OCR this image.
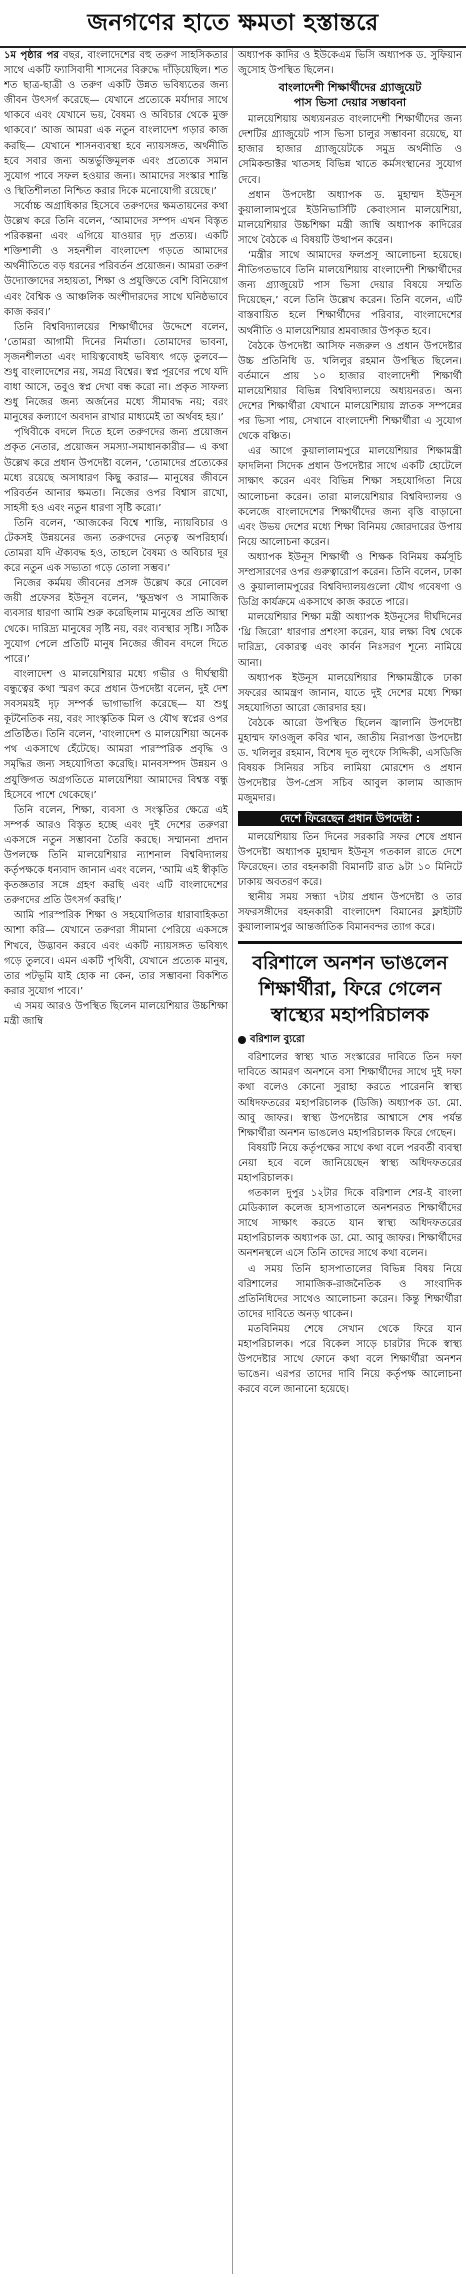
জনগণের হাতে ক্ষমতা হস্তান্তরে

১ম পৃষ্ঠার পর বছর, বাংলাদেশের বহু তরুণ সাহসিকতার সাথে একটি ফ্যাসিবাদী শাসনের বিরুদ্ধে দাঁড়িয়েছিল। শত শত ছাত্র-ছাত্রী ও তরুণ একটি উন্নত ভবিষ্যতের জন্য জীবন উৎসর্গ করেছে— যেখানে প্রত্যেকে মর্যাদার সাথে থাকবে এবং যেখানে ভয়, বৈষম্য ও অবিচার থেকে মুক্ত থাকবে।’ আজ আমরা এক নতুন বাংলাদেশ গড়ার কাজ করছি— যেখানে শাসনব্যবস্থা হবে ন্যায়সঙ্গত, অর্থনীতি হবে সবার জন্য অন্তর্ভুক্তিমূলক এবং প্রত্যেকে সমান সুযোগ পাবে সফল হওয়ার জন্য। আমাদের সংস্কার শান্তি ও স্থিতিশীলতা নিশ্চিত করার দিকে মনোযোগী রয়েছে।’

সর্বোচ্চ অগ্রাধিকার হিসেবে তরুণদের ক্ষমতায়নের কথা উল্লেখ করে তিনি বলেন, ‘আমাদের সম্পদ এখন বিস্তৃত পরিকল্পনা এবং এগিয়ে যাওয়ার দৃঢ় প্রত্যয়। একটি শক্তিশালী ও সহনশীল বাংলাদেশ গড়তে আমাদের অর্থনীতিতে বড় ধরনের পরিবর্তন প্রয়োজন। আমরা তরুণ উদ্যোক্তাদের সহায়তা, শিক্ষা ও প্রযুক্তিতে বেশি বিনিয়োগ এবং বৈশ্বিক ও আঞ্চলিক অংশীদারদের সাথে ঘনিষ্ঠভাবে কাজ করব।’

তিনি বিশ্ববিদ্যালয়ের শিক্ষার্থীদের উদ্দেশে বলেন, ‘তোমরা আগামী দিনের নির্মাতা। তোমাদের ভাবনা, সৃজনশীলতা এবং দায়িত্ববোধই ভবিষ্যৎ গড়ে তুলবে— শুধু বাংলাদেশের নয়, সমগ্র বিশ্বের। স্বপ্ন পূরণের পথে যদি বাধা আসে, তবুও স্বপ্ন দেখা বন্ধ করো না। প্রকৃত সাফল্য শুধু নিজের জন্য অর্জনের মধ্যে সীমাবদ্ধ নয়; বরং মানুষের কল্যাণে অবদান রাখার মাধ্যমেই তা অর্থবহ হয়।’

পৃথিবীকে বদলে দিতে হলে তরুণদের জন্য প্রয়োজন প্রকৃত নেতার, প্রয়োজন সমস্যা-সমাধানকারীর— এ কথা উল্লেখ করে প্রধান উপদেষ্টা বলেন, ‘তোমাদের প্রত্যেকের মধ্যে রয়েছে অসাধারণ কিছু করার— মানুষের জীবনে পরিবর্তন আনার ক্ষমতা। নিজের ওপর বিশ্বাস রাখো, সাহসী হও এবং নতুন ধারণা সৃষ্টি করো।’

তিনি বলেন, ‘আজকের বিশ্বে শান্তি, ন্যায়বিচার ও টেকসই উন্নয়নের জন্য তরুণদের নেতৃত্ব অপরিহার্য। তোমরা যদি ঐক্যবদ্ধ হও, তাহলে বৈষম্য ও অবিচার দূর করে নতুন এক সভ্যতা গড়ে তোলা সম্ভব।’

নিজের কর্মময় জীবনের প্রসঙ্গ উল্লেখ করে নোবেল জয়ী প্রফেসর ইউনূস বলেন, ‘ক্ষুদ্রঋণ ও সামাজিক ব্যবসার ধারণা আমি শুরু করেছিলাম মানুষের প্রতি আস্থা থেকে। দারিদ্র্য মানুষের সৃষ্টি নয়, বরং ব্যবস্থার সৃষ্টি। সঠিক সুযোগ পেলে প্রতিটি মানুষ নিজের জীবন বদলে দিতে পারে।’

বাংলাদেশ ও মালয়েশিয়ার মধ্যে গভীর ও দীর্ঘস্থায়ী বন্ধুত্বের কথা স্মরণ করে প্রধান উপদেষ্টা বলেন, দুই দেশ সবসময়ই দৃঢ় সম্পর্ক ভাগাভাগি করেছে— যা শুধু কূটনৈতিক নয়, বরং সাংস্কৃতিক মিল ও যৌথ স্বপ্নের ওপর প্রতিষ্ঠিত। তিনি বলেন, ‘বাংলাদেশ ও মালয়েশিয়া অনেক পথ একসাথে হেঁটেছে। আমরা পারস্পরিক প্রবৃদ্ধি ও সমৃদ্ধির জন্য সহযোগিতা করেছি। মানবসম্পদ উন্নয়ন ও প্রযুক্তিগত অগ্রগতিতে মালয়েশিয়া আমাদের বিশ্বস্ত বন্ধু হিসেবে পাশে থেকেছে।’

তিনি বলেন, শিক্ষা, ব্যবসা ও সংস্কৃতির ক্ষেত্রে এই সম্পর্ক আরও বিস্তৃত হচ্ছে এবং দুই দেশের তরুণরা একসঙ্গে নতুন সম্ভাবনা তৈরি করছে। সম্মাননা প্রদান উপলক্ষে তিনি মালয়েশিয়ার ন্যাশনাল বিশ্ববিদ্যালয় কর্তৃপক্ষকে ধন্যবাদ জানান এবং বলেন, ‘আমি এই স্বীকৃতি কৃতজ্ঞতার সঙ্গে গ্রহণ করছি এবং এটি বাংলাদেশের তরুণদের প্রতি উৎসর্গ করছি।’

আমি পারস্পরিক শিক্ষা ও সহযোগিতার ধারাবাহিকতা আশা করি— যেখানে তরুণরা সীমানা পেরিয়ে একসঙ্গে শিখবে, উদ্ভাবন করবে এবং একটি ন্যায়সঙ্গত ভবিষ্যৎ গড়ে তুলবে। এমন একটি পৃথিবী, যেখানে প্রত্যেক মানুষ, তার পটভূমি যাই হোক না কেন, তার সম্ভাবনা বিকশিত করার সুযোগ পাবে।’

এ সময় আরও উপস্থিত ছিলেন মালয়েশিয়ার উচ্চশিক্ষা মন্ত্রী জাম্বি

অধ্যাপক কাদির ও ইউকেএম ভিসি অধ্যাপক ড. সুফিয়ান জুসোহ উপস্থিত ছিলেন।

বাংলাদেশী শিক্ষার্থীদের গ্র্যাজুয়েট
পাস ভিসা দেয়ার সম্ভাবনা

মালয়েশিয়ায় অধ্যয়নরত বাংলাদেশী শিক্ষার্থীদের জন্য দেশটির গ্র্যাজুয়েট পাস ভিসা চালুর সম্ভাবনা রয়েছে, যা হাজার হাজার গ্র্যাজুয়েটকে সমুদ্র অর্থনীতি ও সেমিকন্ডাক্টর খাতসহ বিভিন্ন খাতে কর্মসংস্থানের সুযোগ দেবে।

প্রধান উপদেষ্টা অধ্যাপক ড. মুহাম্মদ ইউনূস কুয়ালালামপুরে ইউনিভার্সিটি কেবাংসান মালয়েশিয়া, মালয়েশিয়ার উচ্চশিক্ষা মন্ত্রী জাম্বি অধ্যাপক কাদিরের সাথে বৈঠকে এ বিষয়টি উত্থাপন করেন।

‘মন্ত্রীর সাথে আমাদের ফলপ্রসূ আলোচনা হয়েছে। নীতিগতভাবে তিনি মালয়েশিয়ায় বাংলাদেশী শিক্ষার্থীদের জন্য গ্র্যাজুয়েট পাস ভিসা দেয়ার বিষয়ে সম্মতি দিয়েছেন,’ বলে তিনি উল্লেখ করেন। তিনি বলেন, এটি বাস্তবায়িত হলে শিক্ষার্থীদের পরিবার, বাংলাদেশের অর্থনীতি ও মালয়েশিয়ার শ্রমবাজার উপকৃত হবে।

বৈঠকে উপদেষ্টা আসিফ নজরুল ও প্রধান উপদেষ্টার উচ্চ প্রতিনিধি ড. খলিলুর রহমান উপস্থিত ছিলেন। বর্তমানে প্রায় ১০ হাজার বাংলাদেশী শিক্ষার্থী মালয়েশিয়ার বিভিন্ন বিশ্ববিদ্যালয়ে অধ্যয়নরত। অন্য দেশের শিক্ষার্থীরা যেখানে মালয়েশিয়ায় স্নাতক সম্পন্নের পর ভিসা পায়, সেখানে বাংলাদেশী শিক্ষার্থীরা এ সুযোগ থেকে বঞ্চিত।

এর আগে কুয়ালালামপুরে মালয়েশিয়ার শিক্ষামন্ত্রী ফাদলিনা সিদেক প্রধান উপদেষ্টার সাথে একটি হোটেলে সাক্ষাৎ করেন এবং বিভিন্ন শিক্ষা সহযোগিতা নিয়ে আলোচনা করেন। তারা মালয়েশিয়ার বিশ্ববিদ্যালয় ও কলেজে বাংলাদেশের শিক্ষার্থীদের জন্য বৃত্তি বাড়ানো এবং উভয় দেশের মধ্যে শিক্ষা বিনিময় জোরদারের উপায় নিয়ে আলোচনা করেন।

অধ্যাপক ইউনূস শিক্ষার্থী ও শিক্ষক বিনিময় কর্মসূচি সম্প্রসারণের ওপর গুরুত্বারোপ করেন। তিনি বলেন, ঢাকা ও কুয়ালালামপুরের বিশ্ববিদ্যালয়গুলো যৌথ গবেষণা ও ডিগ্রি কার্যক্রমে একসাথে কাজ করতে পারে।

মালয়েশিয়ার শিক্ষা মন্ত্রী অধ্যাপক ইউনূসের দীর্ঘদিনের ‘থ্রি জিরো’ ধারণার প্রশংসা করেন, যার লক্ষ্য বিশ্ব থেকে দারিদ্র্য, বেকারত্ব এবং কার্বন নিঃসরণ শূন্যে নামিয়ে আনা।

অধ্যাপক ইউনূস মালয়েশিয়ার শিক্ষামন্ত্রীকে ঢাকা সফরের আমন্ত্রণ জানান, যাতে দুই দেশের মধ্যে শিক্ষা সহযোগিতা আরো জোরদার হয়।

বৈঠকে আরো উপস্থিত ছিলেন জ্বালানি উপদেষ্টা মুহাম্মদ ফাওজুল কবির খান, জাতীয় নিরাপত্তা উপদেষ্টা ড. খলিলুর রহমান, বিশেষ দূত লুৎফে সিদ্দিকী, এসডিজি বিষয়ক সিনিয়র সচিব লামিয়া মোরশেদ ও প্রধান উপদেষ্টার উপ-প্রেস সচিব আবুল কালাম আজাদ মজুমদার।

দেশে ফিরেছেন প্রধান উপদেষ্টা :

মালয়েশিয়ায় তিন দিনের সরকারি সফর শেষে প্রধান উপদেষ্টা অধ্যাপক মুহাম্মদ ইউনূস গতকাল রাতে দেশে ফিরেছেন। তার বহনকারী বিমানটি রাত ৯টা ১০ মিনিটে ঢাকায় অবতরণ করে।

স্থানীয় সময় সন্ধ্যা ৭টায় প্রধান উপদেষ্টা ও তার সফরসঙ্গীদের বহনকারী বাংলাদেশ বিমানের ফ্লাইটটি কুয়ালালামপুর আন্তর্জাতিক বিমানবন্দর ত্যাগ করে।

বরিশালে অনশন ভাঙলেন শিক্ষার্থীরা, ফিরে গেলেন স্বাস্থ্যের মহাপরিচালক
বরিশাল ব্যুরো

বরিশালের স্বাস্থ্য খাত সংস্কারের দাবিতে তিন দফা দাবিতে আমরণ অনশনে বসা শিক্ষার্থীদের সাথে দুই দফা কথা বলেও কোনো সুরাহা করতে পারেননি স্বাস্থ্য অধিদফতরের মহাপরিচালক (ডিজি) অধ্যাপক ডা. মো. আবু জাফর। স্বাস্থ্য উপদেষ্টার আশ্বাসে শেষ পর্যন্ত শিক্ষার্থীরা অনশন ভাঙলেও মহাপরিচালক ফিরে গেছেন।

বিষয়টি নিয়ে কর্তৃপক্ষের সাথে কথা বলে পরবর্তী ব্যবস্থা নেয়া হবে বলে জানিয়েছেন স্বাস্থ্য অধিদফতরের মহাপরিচালক।

গতকাল দুপুর ১২টার দিকে বরিশাল শের-ই বাংলা মেডিক্যাল কলেজ হাসপাতালে অনশনরত শিক্ষার্থীদের সাথে সাক্ষাৎ করতে যান স্বাস্থ্য অধিদফতরের মহাপরিচালক অধ্যাপক ডা. মো. আবু জাফর। শিক্ষার্থীদের অনশনস্থলে এসে তিনি তাদের সাথে কথা বলেন।

এ সময় তিনি হাসপাতালের বিভিন্ন বিষয় নিয়ে বরিশালের সামাজিক-রাজনৈতিক ও সাংবাদিক প্রতিনিধিদের সাথেও আলোচনা করেন। কিন্তু শিক্ষার্থীরা তাদের দাবিতে অনড় থাকেন।

মতবিনিময় শেষে সেখান থেকে ফিরে যান মহাপরিচালক। পরে বিকেল সাড়ে চারটার দিকে স্বাস্থ্য উপদেষ্টার সাথে ফোনে কথা বলে শিক্ষার্থীরা অনশন ভাঙেন। এরপর তাদের দাবি নিয়ে কর্তৃপক্ষ আলোচনা করবে বলে জানানো হয়েছে।
